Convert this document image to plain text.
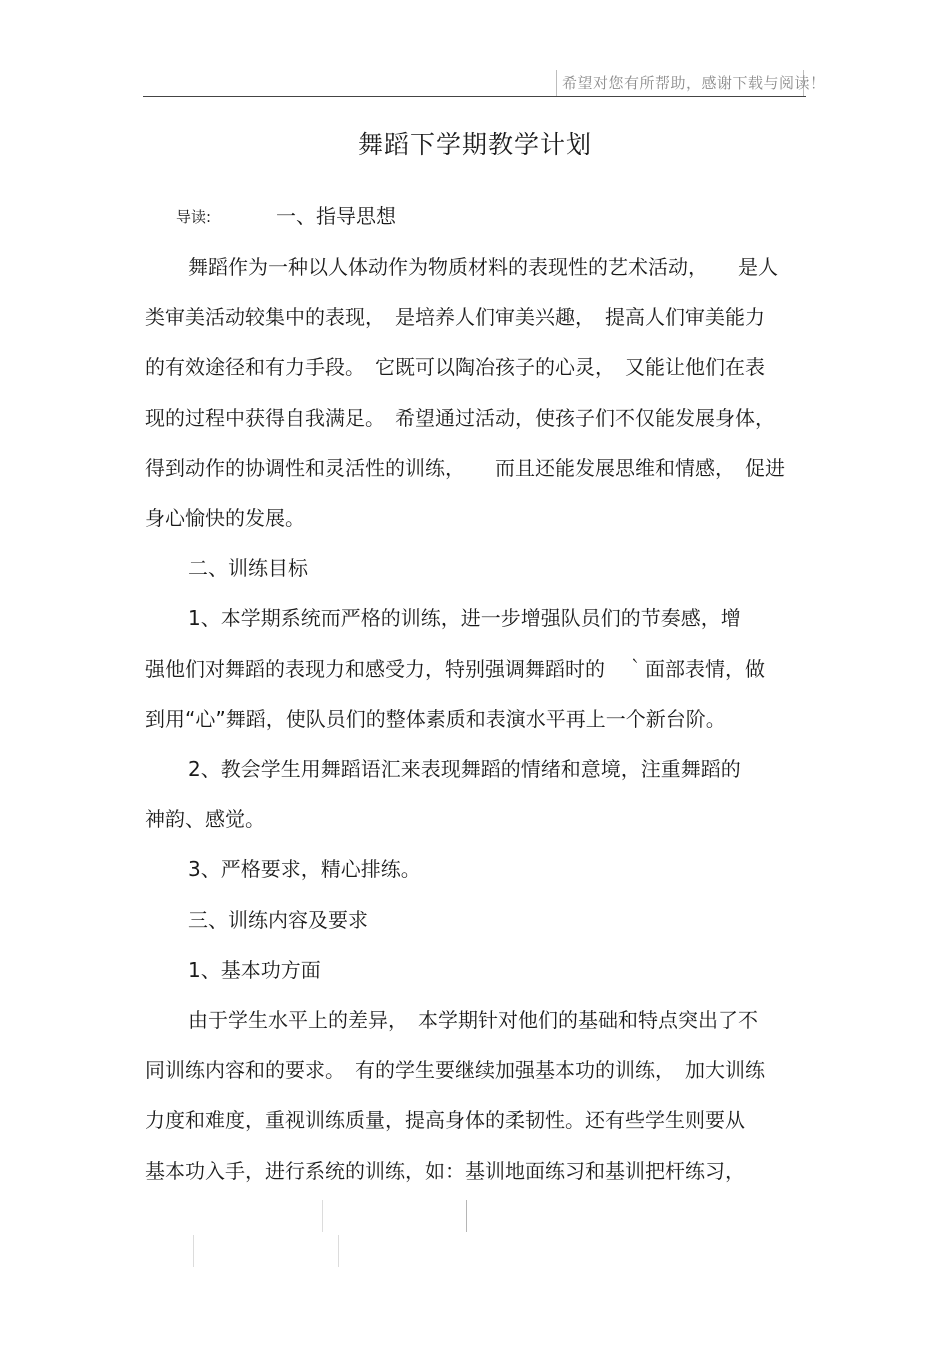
希望对您有所帮助，感谢下载与阅读！
舞蹈下学期教学计划
导读:	一、指导思想
舞蹈作为一种以人体动作为物质材料的表现性的艺术活动，　　是人
类审美活动较集中的表现，　是培养人们审美兴趣，　提高人们审美能力
的有效途径和有力手段。　它既可以陶冶孩子的心灵，　又能让他们在表
现的过程中获得自我满足。　希望通过活动，使孩子们不仅能发展身体，
得到动作的协调性和灵活性的训练，　　而且还能发展思维和情感，　促进
身心愉快的发展。
二、训练目标
1、本学期系统而严格的训练，进一步增强队员们的节奏感，增
强他们对舞蹈的表现力和感受力，特别强调舞蹈时的　｀面部表情，做
到用“心”舞蹈，使队员们的整体素质和表演水平再上一个新台阶。
2、教会学生用舞蹈语汇来表现舞蹈的情绪和意境，注重舞蹈的
神韵、感觉。
3、严格要求，精心排练。
三、训练内容及要求
1、基本功方面
由于学生水平上的差异，　本学期针对他们的基础和特点突出了不
同训练内容和的要求。　有的学生要继续加强基本功的训练，　加大训练
力度和难度，重视训练质量，提高身体的柔韧性。还有些学生则要从
基本功入手，进行系统的训练，如：基训地面练习和基训把杆练习，
